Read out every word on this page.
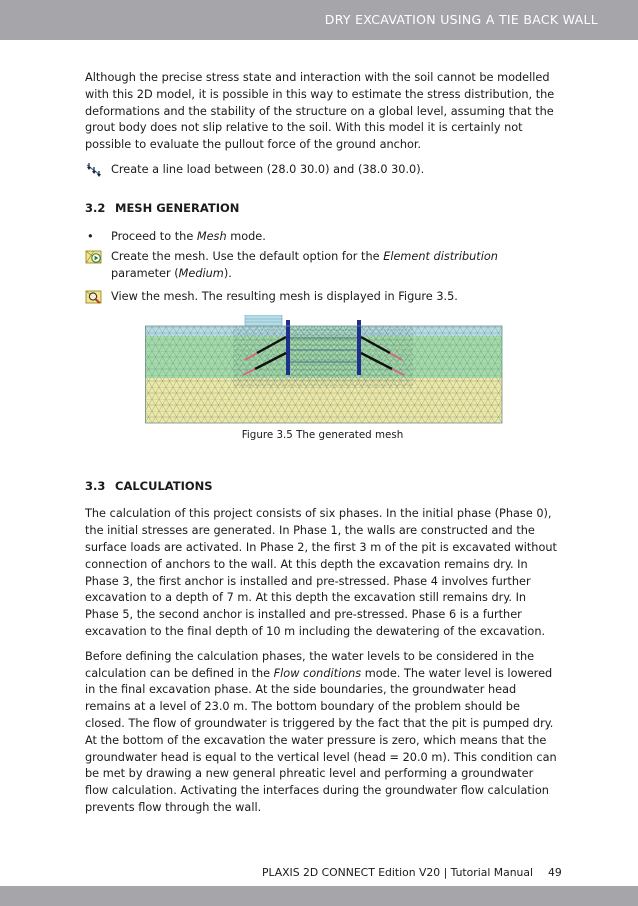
DRY EXCAVATION USING A TIE BACK WALL

Although the precise stress state and interaction with the soil cannot be modelled with this 2D model, it is possible in this way to estimate the stress distribution, the deformations and the stability of the structure on a global level, assuming that the grout body does not slip relative to the soil. With this model it is certainly not possible to evaluate the pullout force of the ground anchor.

Create a line load between (28.0 30.0) and (38.0 30.0).

3.2 MESH GENERATION
•	Proceed to the Mesh mode.

Create the mesh. Use the default option for the Element distribution parameter (Medium).

View the mesh. The resulting mesh is displayed in Figure 3.5.

Figure 3.5 The generated mesh

3.3 CALCULATIONS

The calculation of this project consists of six phases. In the initial phase (Phase 0), the initial stresses are generated. In Phase 1, the walls are constructed and the surface loads are activated. In Phase 2, the first 3 m of the pit is excavated without connection of anchors to the wall. At this depth the excavation remains dry. In Phase 3, the first anchor is installed and pre-stressed. Phase 4 involves further excavation to a depth of 7 m. At this depth the excavation still remains dry. In Phase 5, the second anchor is installed and pre-stressed. Phase 6 is a further excavation to the final depth of 10 m including the dewatering of the excavation.

Before defining the calculation phases, the water levels to be considered in the calculation can be defined in the Flow conditions mode. The water level is lowered in the final excavation phase. At the side boundaries, the groundwater head remains at a level of 23.0 m. The bottom boundary of the problem should be closed. The flow of groundwater is triggered by the fact that the pit is pumped dry. At the bottom of the excavation the water pressure is zero, which means that the groundwater head is equal to the vertical level (head = 20.0 m). This condition can be met by drawing a new general phreatic level and performing a groundwater flow calculation. Activating the interfaces during the groundwater flow calculation prevents flow through the wall.

PLAXIS 2D CONNECT Edition V20 | Tutorial Manual 49
